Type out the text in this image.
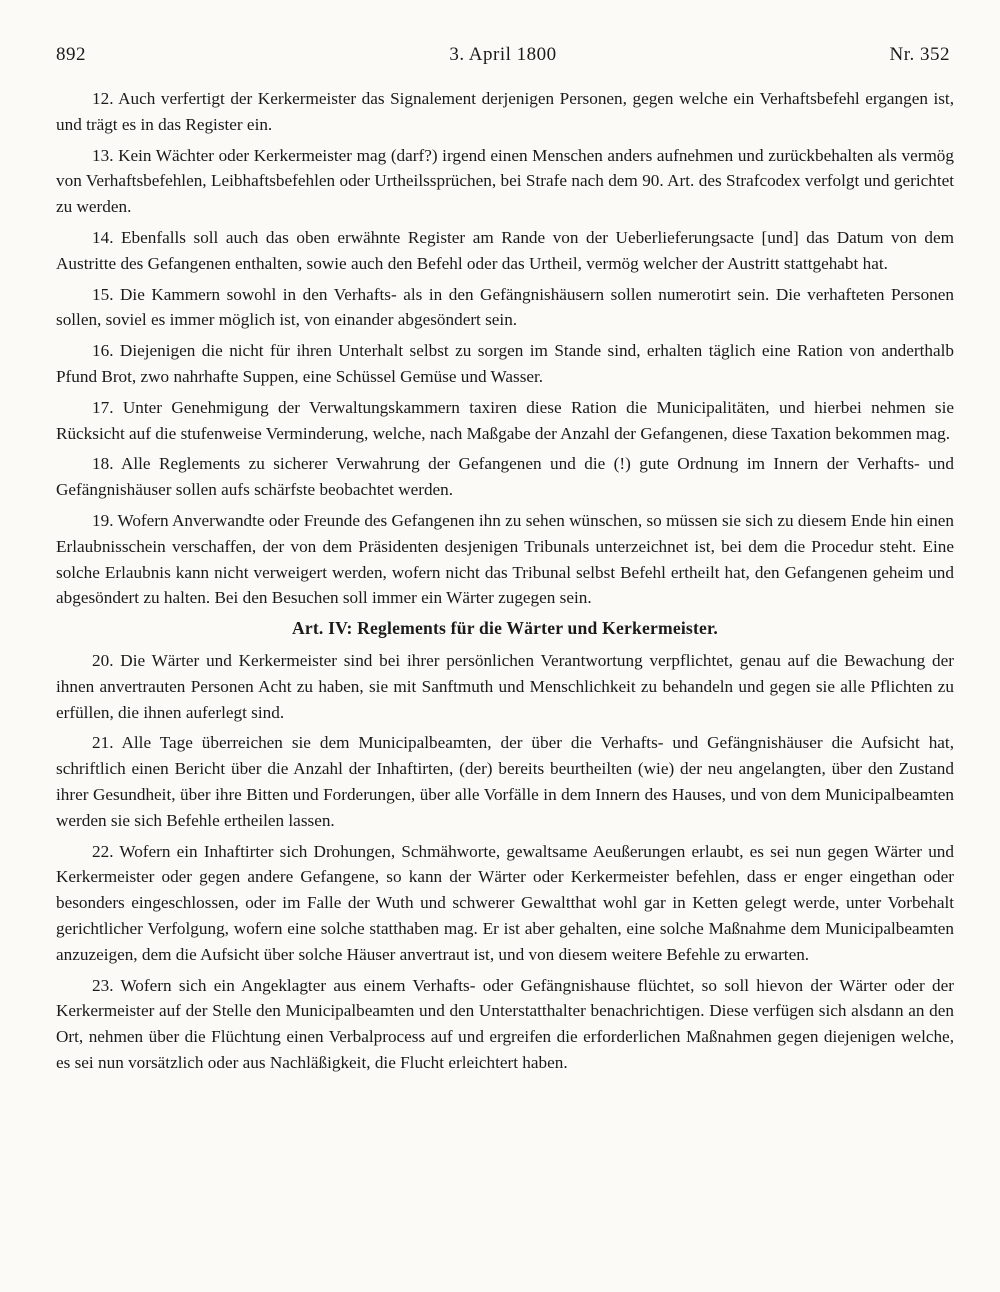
892	3. April 1800	Nr. 352

12. Auch verfertigt der Kerkermeister das Signalement derjenigen Personen, gegen welche ein Verhaftsbefehl ergangen ist, und trägt es in das Register ein.

13. Kein Wächter oder Kerkermeister mag (darf?) irgend einen Menschen anders aufnehmen und zurückbehalten als vermög von Verhaftsbefehlen, Leibhaftsbefehlen oder Urtheilssprüchen, bei Strafe nach dem 90. Art. des Strafcodex verfolgt und gerichtet zu werden.

14. Ebenfalls soll auch das oben erwähnte Register am Rande von der Ueberlieferungsacte [und] das Datum von dem Austritte des Gefangenen enthalten, sowie auch den Befehl oder das Urtheil, vermög welcher der Austritt stattgehabt hat.

15. Die Kammern sowohl in den Verhafts- als in den Gefängnishäusern sollen numerotirt sein. Die verhafteten Personen sollen, soviel es immer möglich ist, von einander abgesöndert sein.

16. Diejenigen die nicht für ihren Unterhalt selbst zu sorgen im Stande sind, erhalten täglich eine Ration von anderthalb Pfund Brot, zwo nahrhafte Suppen, eine Schüssel Gemüse und Wasser.

17. Unter Genehmigung der Verwaltungskammern taxiren diese Ration die Municipalitäten, und hierbei nehmen sie Rücksicht auf die stufenweise Verminderung, welche, nach Maßgabe der Anzahl der Gefangenen, diese Taxation bekommen mag.

18. Alle Reglements zu sicherer Verwahrung der Gefangenen und die (!) gute Ordnung im Innern der Verhafts- und Gefängnishäuser sollen aufs schärfste beobachtet werden.

19. Wofern Anverwandte oder Freunde des Gefangenen ihn zu sehen wünschen, so müssen sie sich zu diesem Ende hin einen Erlaubnisschein verschaffen, der von dem Präsidenten desjenigen Tribunals unterzeichnet ist, bei dem die Procedur steht. Eine solche Erlaubnis kann nicht verweigert werden, wofern nicht das Tribunal selbst Befehl ertheilt hat, den Gefangenen geheim und abgesöndert zu halten. Bei den Besuchen soll immer ein Wärter zugegen sein.

Art. IV: Reglements für die Wärter und Kerkermeister.

20. Die Wärter und Kerkermeister sind bei ihrer persönlichen Verantwortung verpflichtet, genau auf die Bewachung der ihnen anvertrauten Personen Acht zu haben, sie mit Sanftmuth und Menschlichkeit zu behandeln und gegen sie alle Pflichten zu erfüllen, die ihnen auferlegt sind.

21. Alle Tage überreichen sie dem Municipalbeamten, der über die Verhafts- und Gefängnishäuser die Aufsicht hat, schriftlich einen Bericht über die Anzahl der Inhaftirten, (der) bereits beurtheilten (wie) der neu angelangten, über den Zustand ihrer Gesundheit, über ihre Bitten und Forderungen, über alle Vorfälle in dem Innern des Hauses, und von dem Municipalbeamten werden sie sich Befehle ertheilen lassen.

22. Wofern ein Inhaftirter sich Drohungen, Schmähworte, gewaltsame Aeußerungen erlaubt, es sei nun gegen Wärter und Kerkermeister oder gegen andere Gefangene, so kann der Wärter oder Kerkermeister befehlen, dass er enger eingethan oder besonders eingeschlossen, oder im Falle der Wuth und schwerer Gewaltthat wohl gar in Ketten gelegt werde, unter Vorbehalt gerichtlicher Verfolgung, wofern eine solche statthaben mag. Er ist aber gehalten, eine solche Maßnahme dem Municipalbeamten anzuzeigen, dem die Aufsicht über solche Häuser anvertraut ist, und von diesem weitere Befehle zu erwarten.

23. Wofern sich ein Angeklagter aus einem Verhafts- oder Gefängnishause flüchtet, so soll hievon der Wärter oder der Kerkermeister auf der Stelle den Municipalbeamten und den Unterstatthalter benachrichtigen. Diese verfügen sich alsdann an den Ort, nehmen über die Flüchtung einen Verbalprocess auf und ergreifen die erforderlichen Maßnahmen gegen diejenigen welche, es sei nun vorsätzlich oder aus Nachläßigkeit, die Flucht erleichtert haben.
